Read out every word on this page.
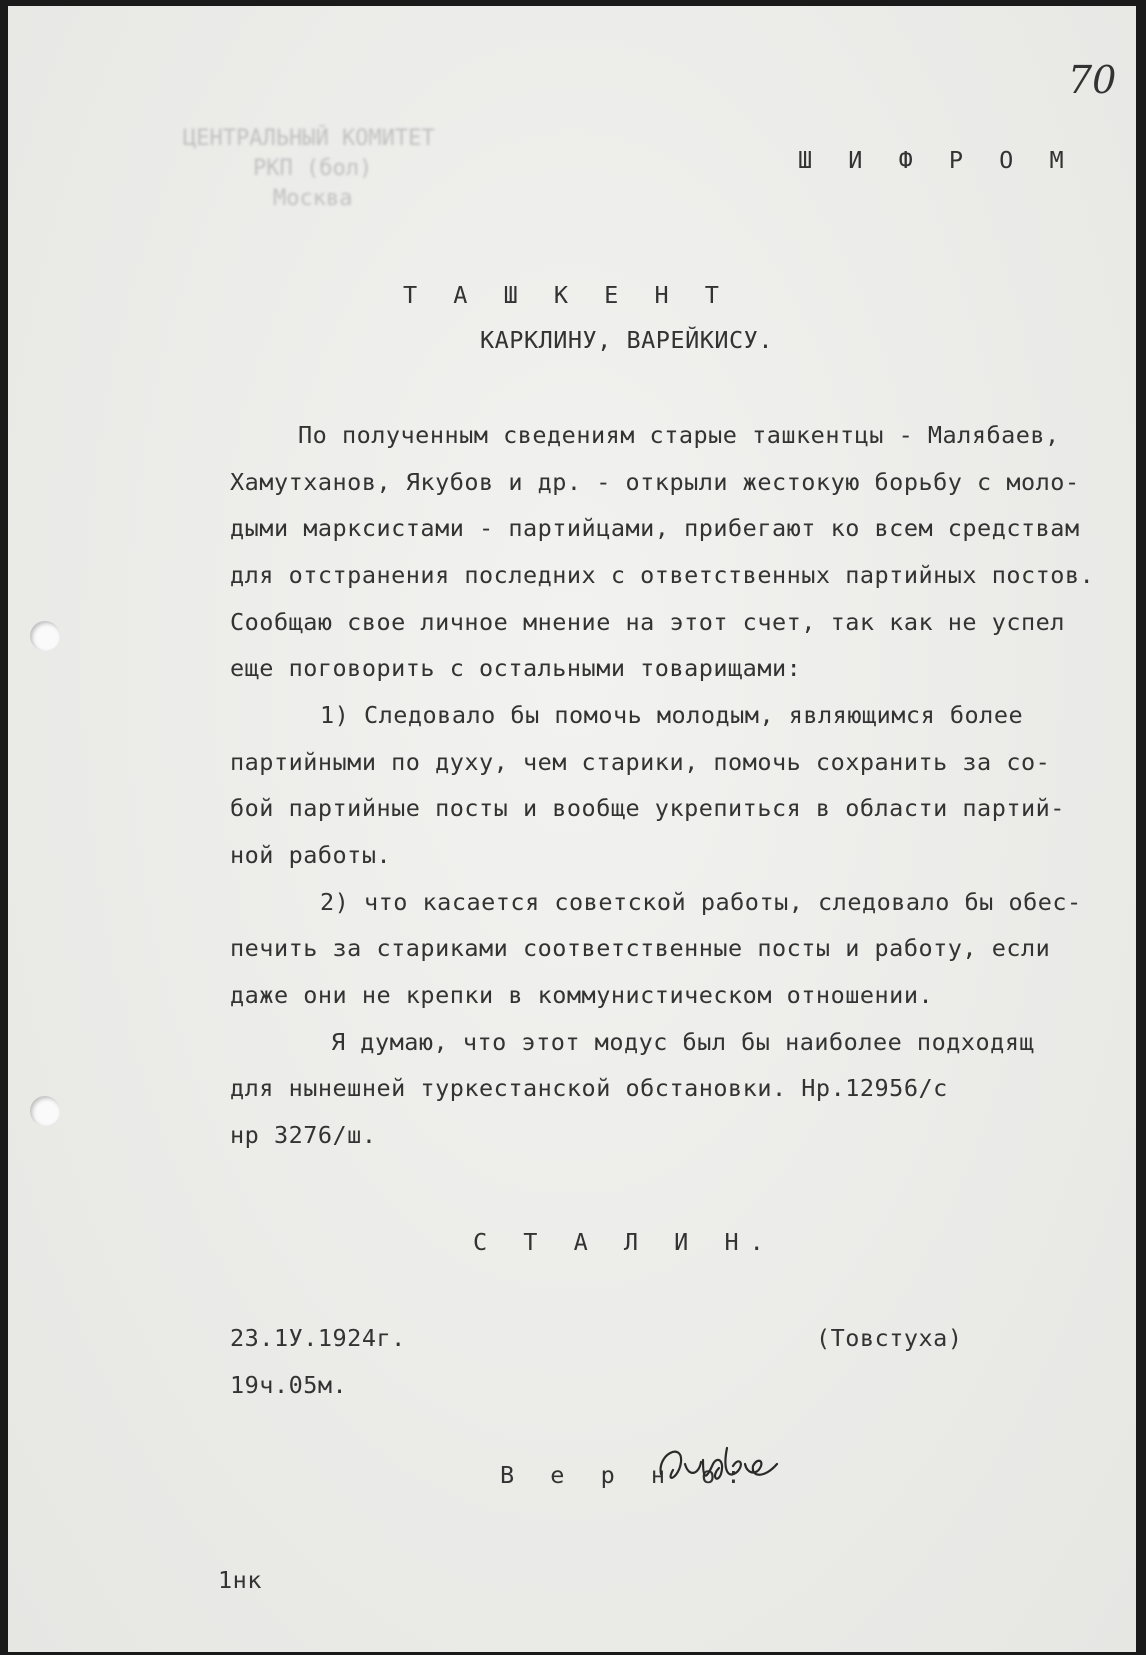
70
ЦЕНТРАЛЬНЫЙ КОМИТЕТ
РКП (бол)
Москва
Ш И Ф Р О М
Т А Ш К Е Н Т
КАРКЛИНУ, ВАРЕЙКИСУ.
По полученным сведениям старые ташкентцы - Малябаев,
Хамутханов, Якубов и др. - открыли жестокую борьбу с моло-
дыми марксистами - партийцами, прибегают ко всем средствам
для отстранения последних с ответственных партийных постов.
Сообщаю свое личное мнение на этот счет, так как не успел
еще поговорить с остальными товарищами:
1) Следовало бы помочь молодым, являющимся более
партийными по духу, чем старики, помочь сохранить за со-
бой партийные посты и вообще укрепиться в области партий-
ной работы.
2) что касается советской работы, следовало бы обес-
печить за стариками соответственные посты и работу, если
даже они не крепки в коммунистическом отношении.
Я думаю, что этот модус был бы наиболее подходящ
для нынешней туркестанской обстановки. Нр.12956/с
нр 3276/ш.
С Т А Л И Н.
23.1У.1924г.	(Товстуха)
19ч.05м.
В е р н о:
1нк
